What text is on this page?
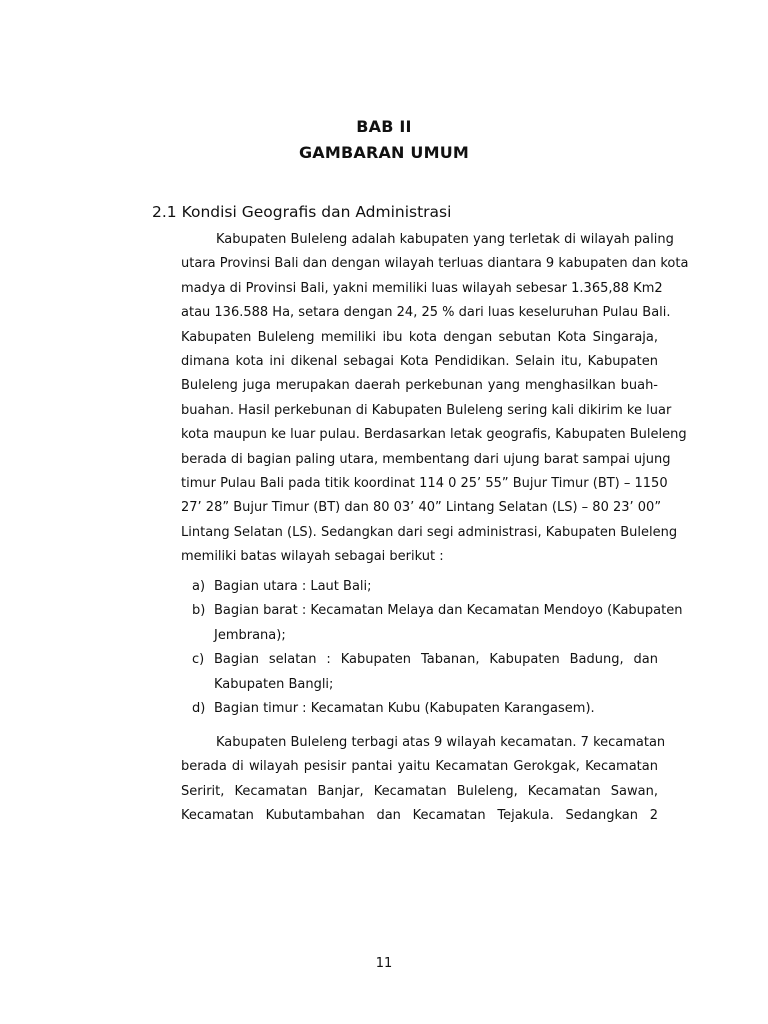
BAB II
GAMBARAN UMUM
2.1 Kondisi Geografis dan Administrasi
Kabupaten Buleleng adalah kabupaten yang terletak di wilayah paling
utara Provinsi Bali dan dengan wilayah terluas diantara 9 kabupaten dan kota
madya di Provinsi Bali, yakni memiliki luas wilayah sebesar 1.365,88 Km2
atau 136.588 Ha, setara dengan 24, 25 % dari luas keseluruhan Pulau Bali.
Kabupaten Buleleng memiliki ibu kota dengan sebutan Kota Singaraja,
dimana kota ini dikenal sebagai Kota Pendidikan. Selain itu, Kabupaten
Buleleng juga merupakan daerah perkebunan yang menghasilkan buah-
buahan. Hasil perkebunan di Kabupaten Buleleng sering kali dikirim ke luar
kota maupun ke luar pulau. Berdasarkan letak geografis, Kabupaten Buleleng
berada di bagian paling utara, membentang dari ujung barat sampai ujung
timur Pulau Bali pada titik koordinat 114 0 25’ 55” Bujur Timur (BT) – 1150
27’ 28” Bujur Timur (BT) dan 80 03’ 40” Lintang Selatan (LS) – 80 23’ 00”
Lintang Selatan (LS). Sedangkan dari segi administrasi, Kabupaten Buleleng
memiliki batas wilayah sebagai berikut :
a) Bagian utara : Laut Bali;
b) Bagian barat : Kecamatan Melaya dan Kecamatan Mendoyo (Kabupaten
Jembrana);
c) Bagian selatan : Kabupaten Tabanan, Kabupaten Badung, dan
Kabupaten Bangli;
d) Bagian timur : Kecamatan Kubu (Kabupaten Karangasem).
Kabupaten Buleleng terbagi atas 9 wilayah kecamatan. 7 kecamatan
berada di wilayah pesisir pantai yaitu Kecamatan Gerokgak, Kecamatan
Seririt, Kecamatan Banjar, Kecamatan Buleleng, Kecamatan Sawan,
Kecamatan Kubutambahan dan Kecamatan Tejakula. Sedangkan 2
11
